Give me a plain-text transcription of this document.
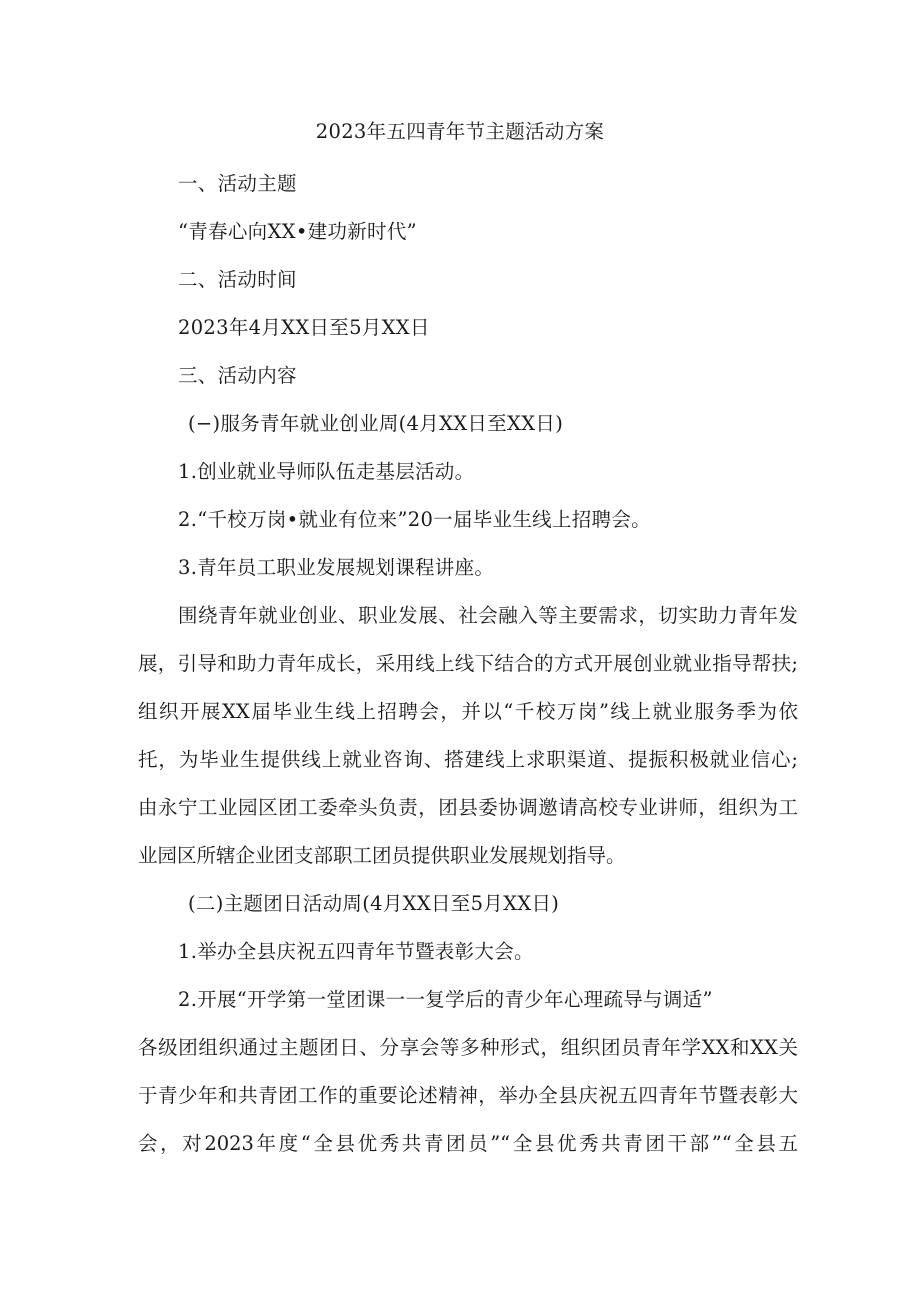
2023年五四青年节主题活动方案
一、活动主题
“青春心向XX•建功新时代”
二、活动时间
2023年4月XX日至5月XX日
三、活动内容
(−)服务青年就业创业周(4月XX日至XX日)
1.创业就业导师队伍走基层活动。
2.“千校万岗•就业有位来”20一届毕业生线上招聘会。
3.青年员工职业发展规划课程讲座。
围绕青年就业创业、职业发展、社会融入等主要需求，切实助力青年发
展，引导和助力青年成长，采用线上线下结合的方式开展创业就业指导帮扶;
组织开展XX届毕业生线上招聘会，并以“千校万岗”线上就业服务季为依
托，为毕业生提供线上就业咨询、搭建线上求职渠道、提振积极就业信心;
由永宁工业园区团工委牵头负责，团县委协调邀请高校专业讲师，组织为工
业园区所辖企业团支部职工团员提供职业发展规划指导。
(二)主题团日活动周(4月XX日至5月XX日)
1.举办全县庆祝五四青年节暨表彰大会。
2.开展“开学第一堂团课一一复学后的青少年心理疏导与调适”
各级团组织通过主题团日、分享会等多种形式，组织团员青年学XX和XX关
于青少年和共青团工作的重要论述精神，举办全县庆祝五四青年节暨表彰大
会，对2023年度“全县优秀共青团员”“全县优秀共青团干部”“全县五
